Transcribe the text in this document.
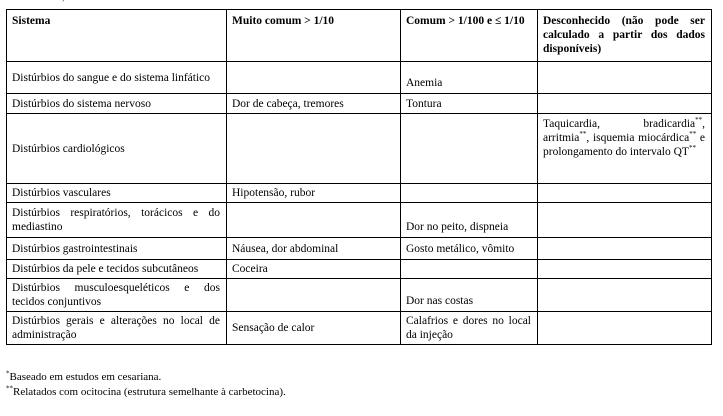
´
Sistema	Muito comum > 1/10	Comum > 1/100 e ≤ 1/10	Desconhecido (não pode ser calculado a partir dos dados disponíveis)
Distúrbios do sangue e do sistema linfático		Anemia	
Distúrbios do sistema nervoso	Dor de cabeça, tremores	Tontura	
Distúrbios cardiológicos			Taquicardia, bradicardia**, arritmia**, isquemia miocárdica** e prolongamento do intervalo QT**
Distúrbios vasculares	Hipotensão, rubor		
Distúrbios respiratórios, torácicos e do mediastino		Dor no peito, dispneia	
Distúrbios gastrointestinais	Náusea, dor abdominal	Gosto metálico, vômito	
Distúrbios da pele e tecidos subcutâneos	Coceira		
Distúrbios musculoesqueléticos e dos tecidos conjuntivos		Dor nas costas	
Distúrbios gerais e alterações no local de administração	Sensação de calor	Calafrios e dores no local da injeção	
*Baseado em estudos em cesariana.
**Relatados com ocitocina (estrutura semelhante à carbetocina).
